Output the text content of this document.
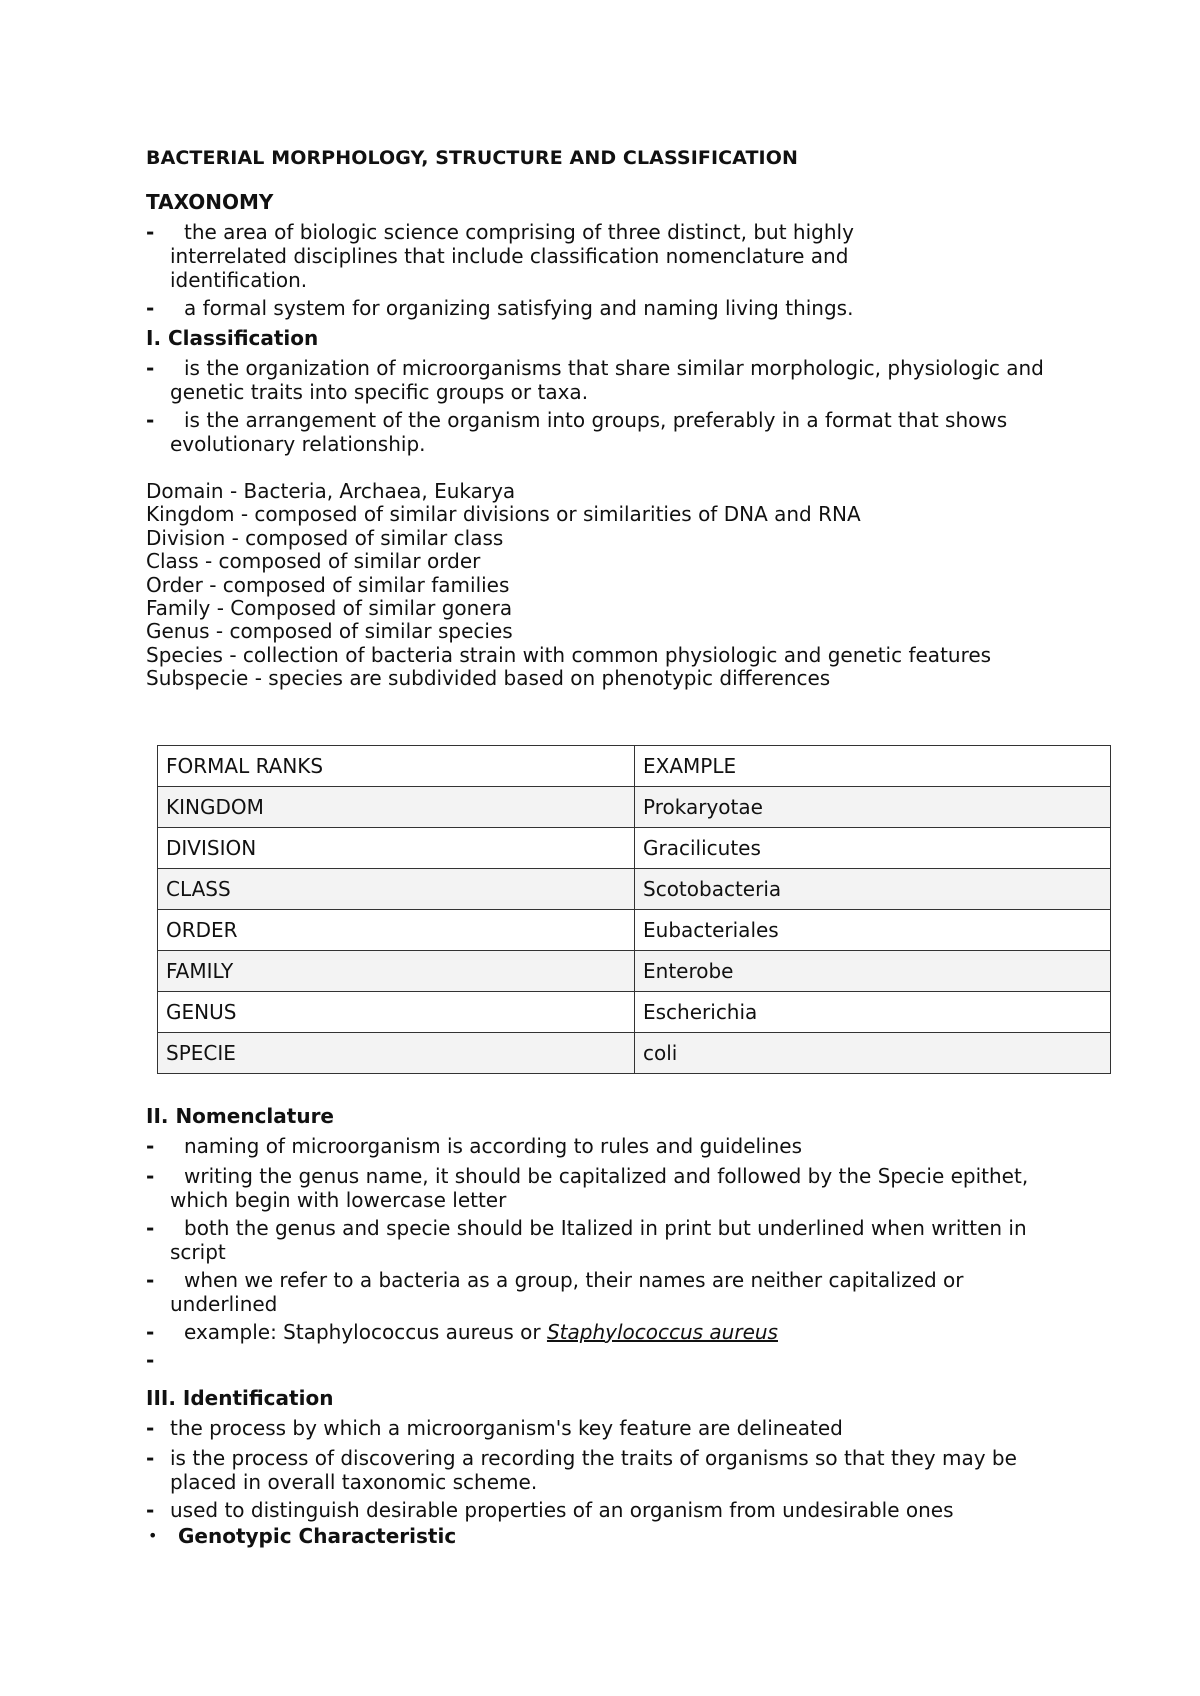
BACTERIAL MORPHOLOGY, STRUCTURE AND CLASSIFICATION
TAXONOMY
-	the area of biologic science comprising of three distinct, but highly interrelated disciplines that include classification nomenclature and identification.
-	a formal system for organizing satisfying and naming living things.
I. Classification
-	is the organization of microorganisms that share similar morphologic, physiologic and genetic traits into specific groups or taxa.
-	is the arrangement of the organism into groups, preferably in a format that shows evolutionary relationship.
Domain - Bacteria, Archaea, Eukarya
Kingdom - composed of similar divisions or similarities of DNA and RNA
Division - composed of similar class
Class - composed of similar order
Order - composed of similar families
Family - Composed of similar gonera
Genus - composed of similar species
Species - collection of bacteria strain with common physiologic and genetic features
Subspecie - species are subdivided based on phenotypic differences
FORMAL RANKS	EXAMPLE
KINGDOM	Prokaryotae
DIVISION	Gracilicutes
CLASS	Scotobacteria
ORDER	Eubacteriales
FAMILY	Enterobe
GENUS	Escherichia
SPECIE	coli
II. Nomenclature
-	naming of microorganism is according to rules and guidelines
-	writing the genus name, it should be capitalized and followed by the Specie epithet, which begin with lowercase letter
-	both the genus and specie should be Italized in print but underlined when written in script
-	when we refer to a bacteria as a group, their names are neither capitalized or underlined
-	example: Staphylococcus aureus or Staphylococcus aureus
-
III. Identification
- the process by which a microorganism's key feature are delineated
- is the process of discovering a recording the traits of organisms so that they may be placed in overall taxonomic scheme.
- used to distinguish desirable properties of an organism from undesirable ones
• Genotypic Characteristic
